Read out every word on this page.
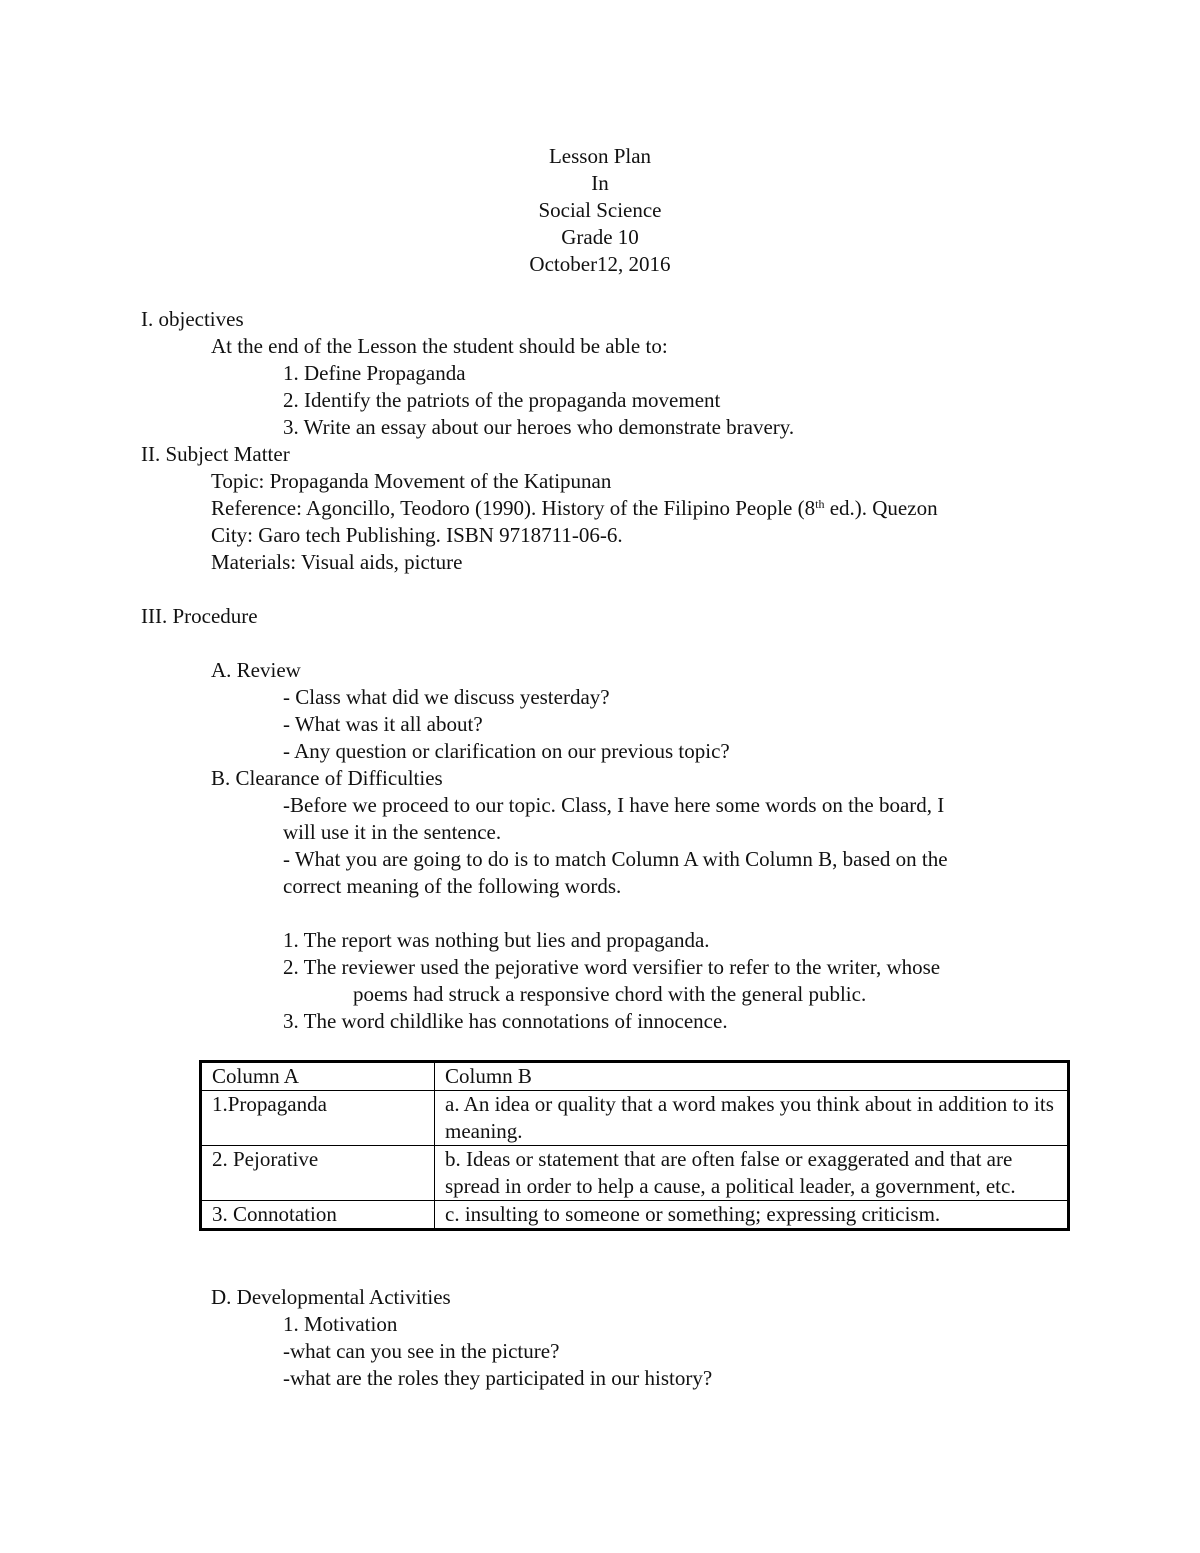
Lesson Plan
In
Social Science
Grade 10
October12, 2016
I. objectives
At the end of the Lesson the student should be able to:
1. Define Propaganda
2. Identify the patriots of the propaganda movement
3. Write an essay about our heroes who demonstrate bravery.
II. Subject Matter
Topic: Propaganda Movement of the Katipunan
Reference: Agoncillo, Teodoro (1990). History of the Filipino People (8th ed.). Quezon
City: Garo tech Publishing. ISBN 9718711-06-6.
Materials: Visual aids, picture
III. Procedure
A. Review
- Class what did we discuss yesterday?
- What was it all about?
- Any question or clarification on our previous topic?
B. Clearance of Difficulties
-Before we proceed to our topic. Class, I have here some words on the board, I
will use it in the sentence.
- What you are going to do is to match Column A with Column B, based on the
correct meaning of the following words.
1. The report was nothing but lies and propaganda.
2. The reviewer used the pejorative word versifier to refer to the writer, whose
poems had struck a responsive chord with the general public.
3. The word childlike has connotations of innocence.
Column A	Column B
1.Propaganda	a. An idea or quality that a word makes you think about in addition to its meaning.
2. Pejorative	b. Ideas or statement that are often false or exaggerated and that are spread in order to help a cause, a political leader, a government, etc.
3. Connotation	c. insulting to someone or something; expressing criticism.
D. Developmental Activities
1. Motivation
-what can you see in the picture?
-what are the roles they participated in our history?
